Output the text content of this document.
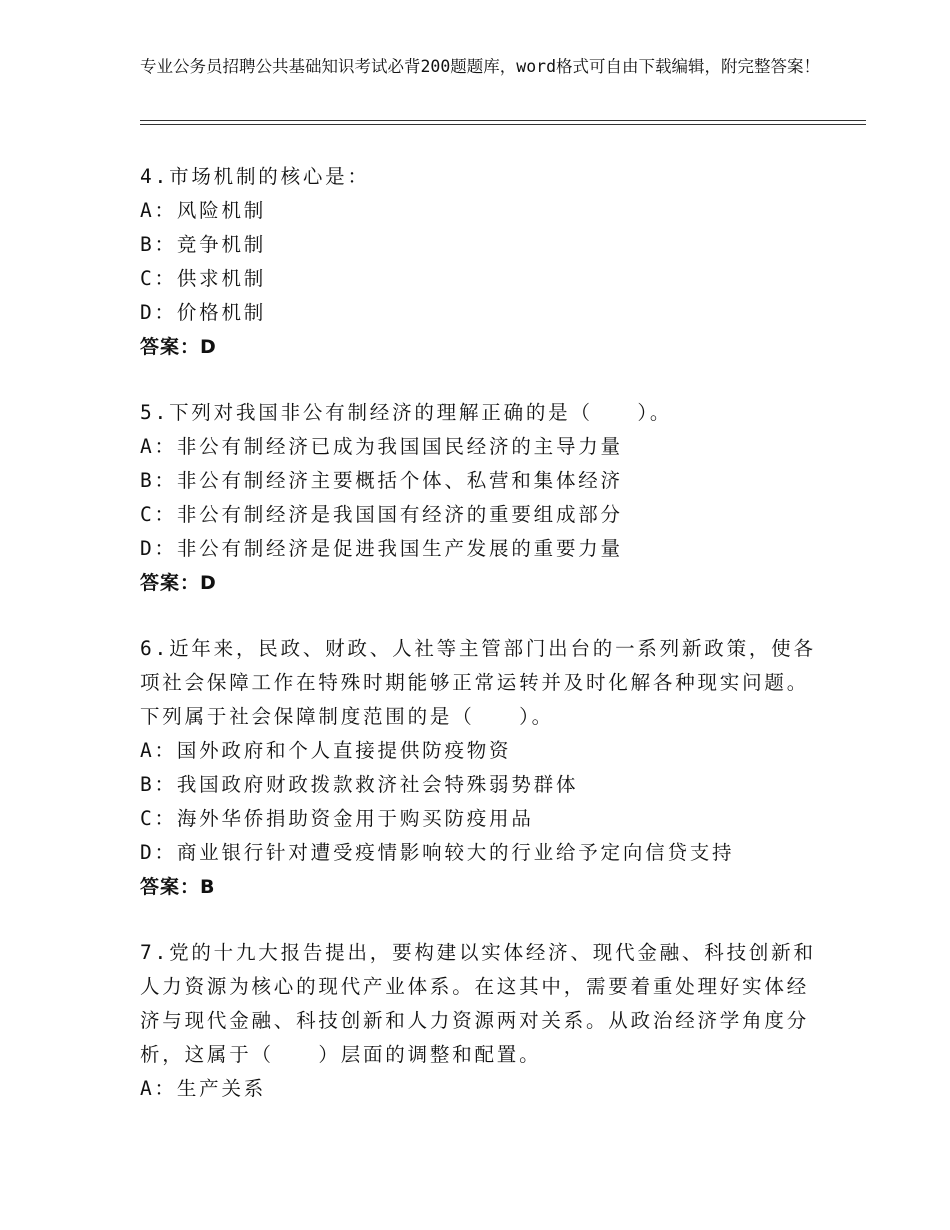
专业公务员招聘公共基础知识考试必背200题题库，word格式可自由下载编辑，附完整答案！
4.市场机制的核心是：
A：风险机制
B：竞争机制
C：供求机制
D：价格机制
答案：D
5.下列对我国非公有制经济的理解正确的是（　　）。
A：非公有制经济已成为我国国民经济的主导力量
B：非公有制经济主要概括个体、私营和集体经济
C：非公有制经济是我国国有经济的重要组成部分
D：非公有制经济是促进我国生产发展的重要力量
答案：D
6.近年来，民政、财政、人社等主管部门出台的一系列新政策，使各项社会保障工作在特殊时期能够正常运转并及时化解各种现实问题。下列属于社会保障制度范围的是（　　）。
A：国外政府和个人直接提供防疫物资
B：我国政府财政拨款救济社会特殊弱势群体
C：海外华侨捐助资金用于购买防疫用品
D：商业银行针对遭受疫情影响较大的行业给予定向信贷支持
答案：B
7.党的十九大报告提出，要构建以实体经济、现代金融、科技创新和人力资源为核心的现代产业体系。在这其中，需要着重处理好实体经济与现代金融、科技创新和人力资源两对关系。从政治经济学角度分析，这属于（　　）层面的调整和配置。
A：生产关系
